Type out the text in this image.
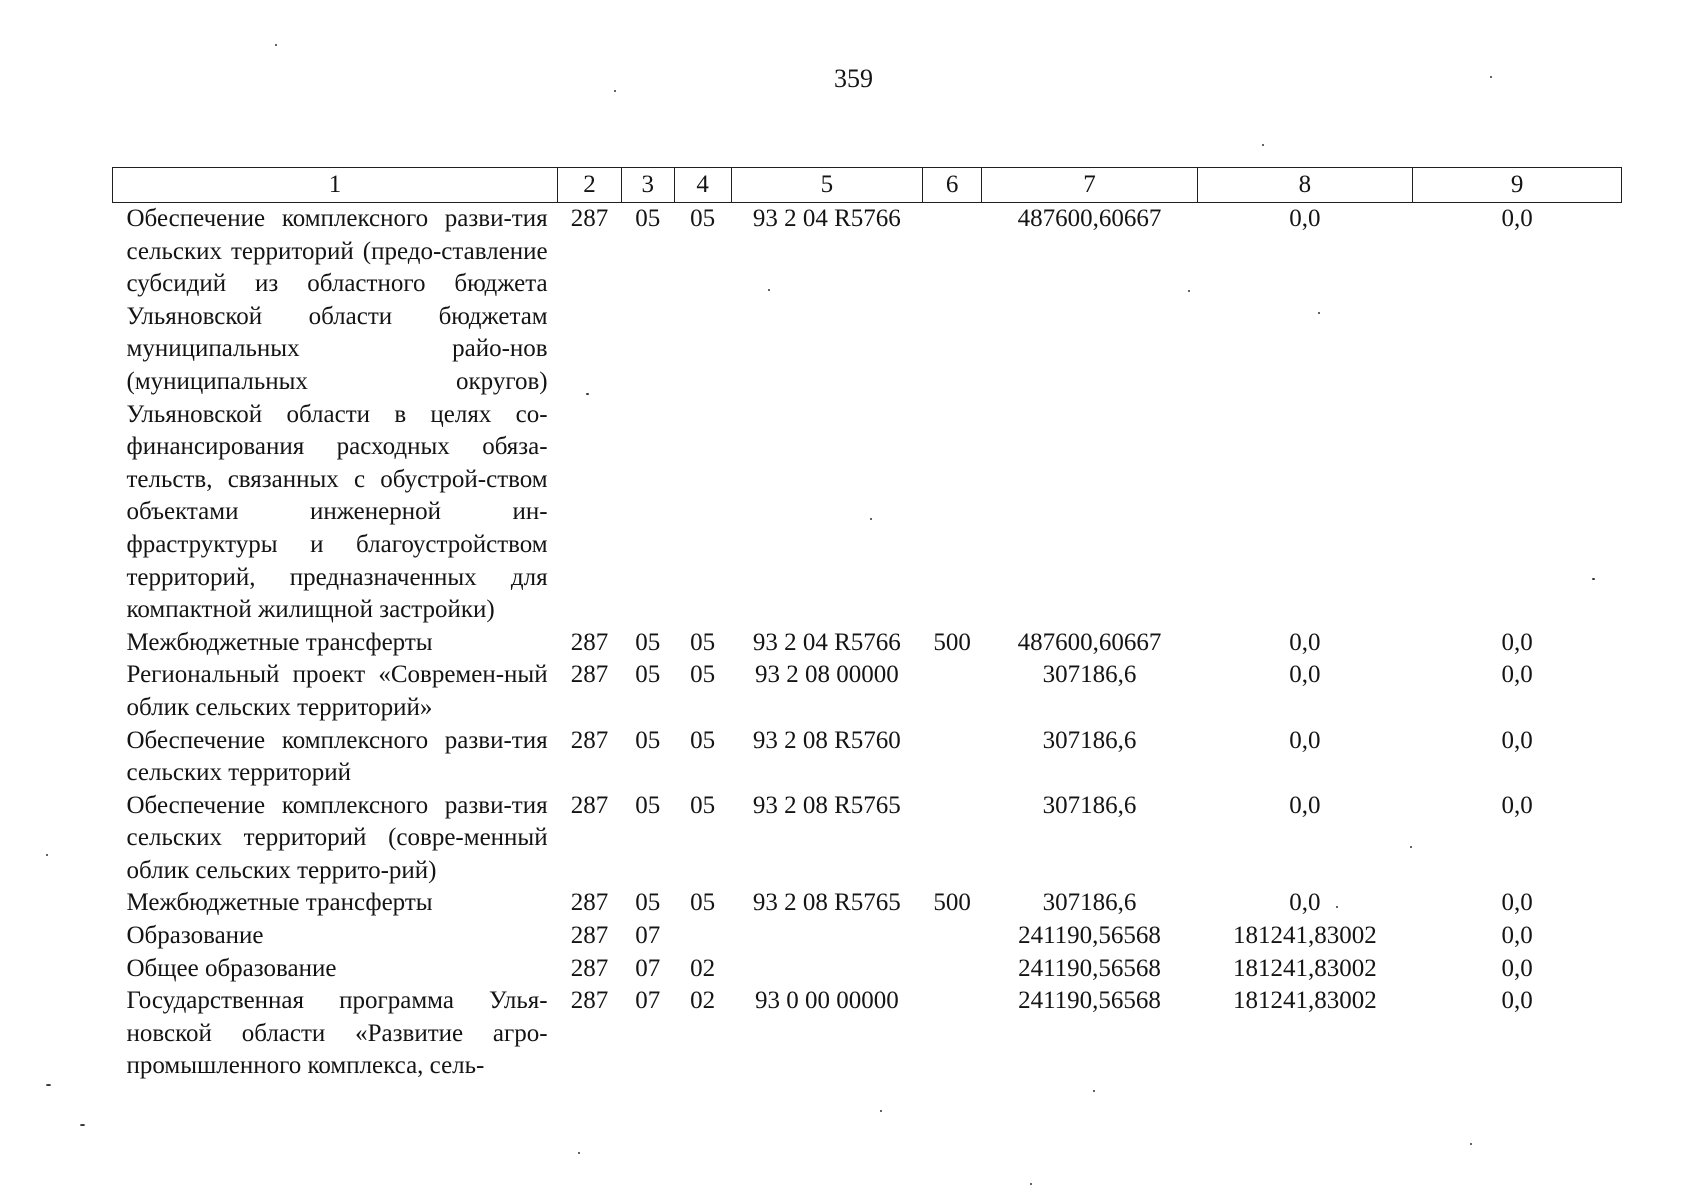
359
1	2	3	4	5	6	7	8	9
Обеспечение комплексного разви-тия сельских территорий (предо-ставление субсидий из областного бюджета Ульяновской области бюджетам муниципальных райо-нов (муниципальных округов) Ульяновской области в целях со-финансирования расходных обяза-тельств, связанных с обустрой-ством объектами инженерной ин-фраструктуры и благоустройством территорий, предназначенных для компактной жилищной застройки)	287	05	05	93 2 04 R5766		487600,60667	0,0	0,0
Межбюджетные трансферты	287	05	05	93 2 04 R5766	500	487600,60667	0,0	0,0
Региональный проект «Современ-ный облик сельских территорий»	287	05	05	93 2 08 00000		307186,6	0,0	0,0
Обеспечение комплексного разви-тия сельских территорий	287	05	05	93 2 08 R5760		307186,6	0,0	0,0
Обеспечение комплексного разви-тия сельских территорий (совре-менный облик сельских террито-рий)	287	05	05	93 2 08 R5765		307186,6	0,0	0,0
Межбюджетные трансферты	287	05	05	93 2 08 R5765	500	307186,6	0,0	0,0
Образование	287	07				241190,56568	181241,83002	0,0
Общее образование	287	07	02			241190,56568	181241,83002	0,0
Государственная программа Улья-новской области «Развитие агро-промышленного комплекса, сель-	287	07	02	93 0 00 00000		241190,56568	181241,83002	0,0
